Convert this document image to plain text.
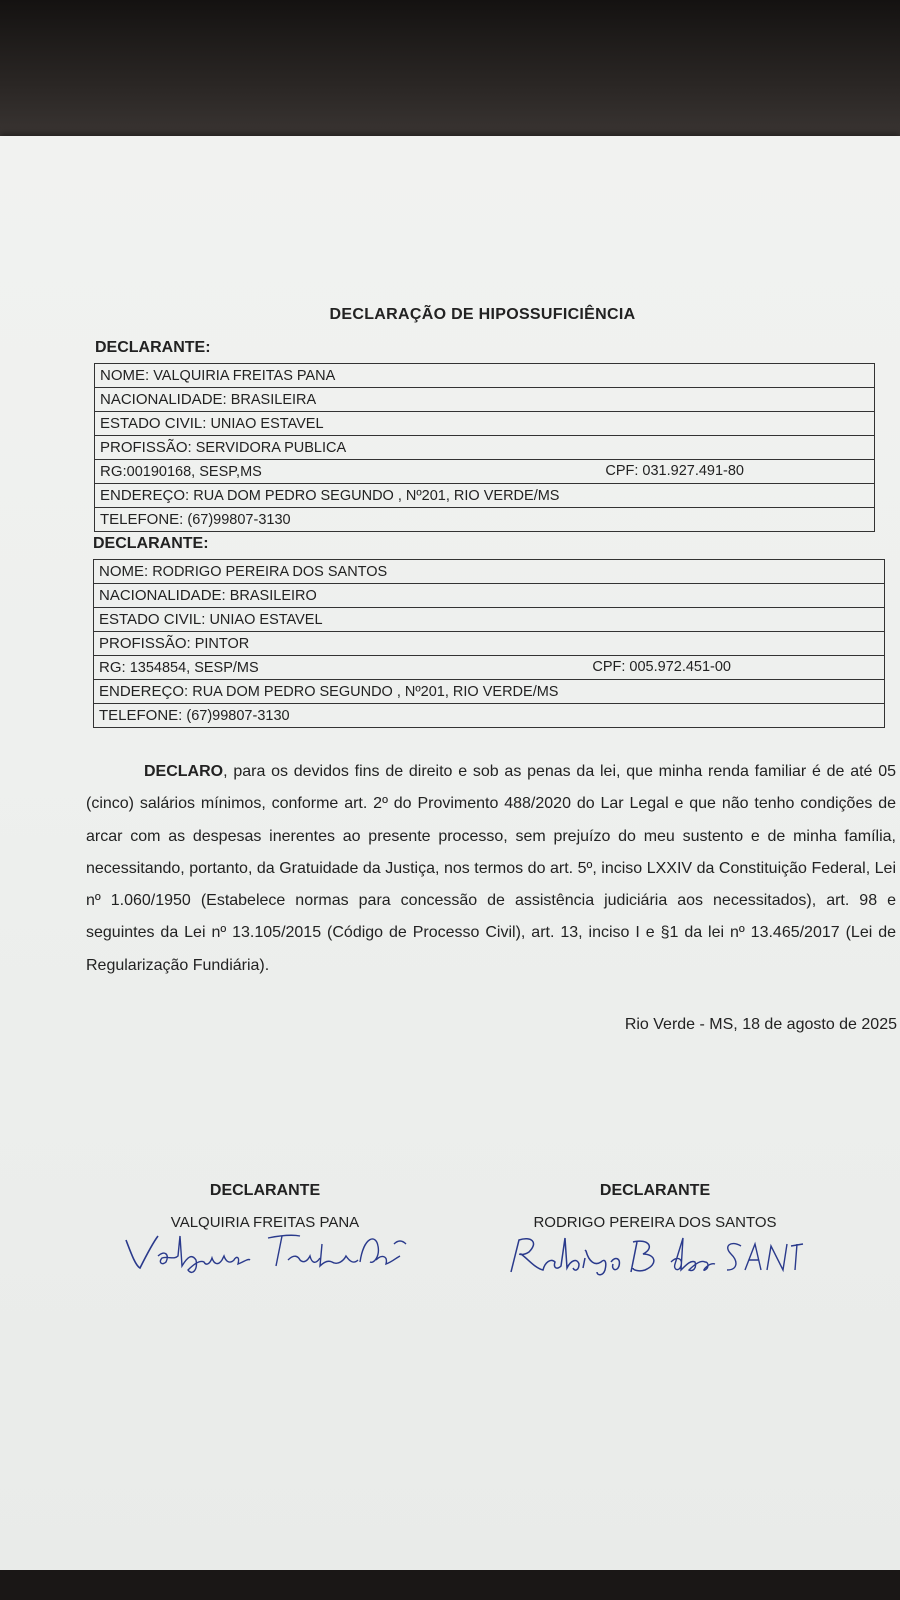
DECLARAÇÃO DE HIPOSSUFICIÊNCIA
DECLARANTE:
NOME: VALQUIRIA FREITAS PANA
NACIONALIDADE: BRASILEIRA
ESTADO CIVIL: UNIAO ESTAVEL
PROFISSÃO: SERVIDORA PUBLICA
RG:00190168, SESP,MS	CPF: 031.927.491-80

ENDEREÇO: RUA DOM PEDRO SEGUNDO , Nº201, RIO VERDE/MS
TELEFONE: (67)99807-3130
DECLARANTE:
NOME: RODRIGO PEREIRA DOS SANTOS
NACIONALIDADE: BRASILEIRO
ESTADO CIVIL: UNIAO ESTAVEL
PROFISSÃO: PINTOR
RG: 1354854, SESP/MS	CPF: 005.972.451-00

ENDEREÇO: RUA DOM PEDRO SEGUNDO , Nº201, RIO VERDE/MS
TELEFONE: (67)99807-3130
DECLARO, para os devidos fins de direito e sob as penas da lei, que minha renda familiar é de até 05 (cinco) salários mínimos, conforme art. 2º do Provimento 488/2020 do Lar Legal e que não tenho condições de arcar com as despesas inerentes ao presente processo, sem prejuízo do meu sustento e de minha família, necessitando, portanto, da Gratuidade da Justiça, nos termos do art. 5º, inciso LXXIV da Constituição Federal, Lei nº 1.060/1950 (Estabelece normas para concessão de assistência judiciária aos necessitados), art. 98 e seguintes da Lei nº 13.105/2015 (Código de Processo Civil), art. 13, inciso I e §1 da lei nº 13.465/2017 (Lei de Regularização Fundiária).
Rio Verde - MS, 18 de agosto de 2025
DECLARANTE
VALQUIRIA FREITAS PANA
DECLARANTE
RODRIGO PEREIRA DOS SANTOS
